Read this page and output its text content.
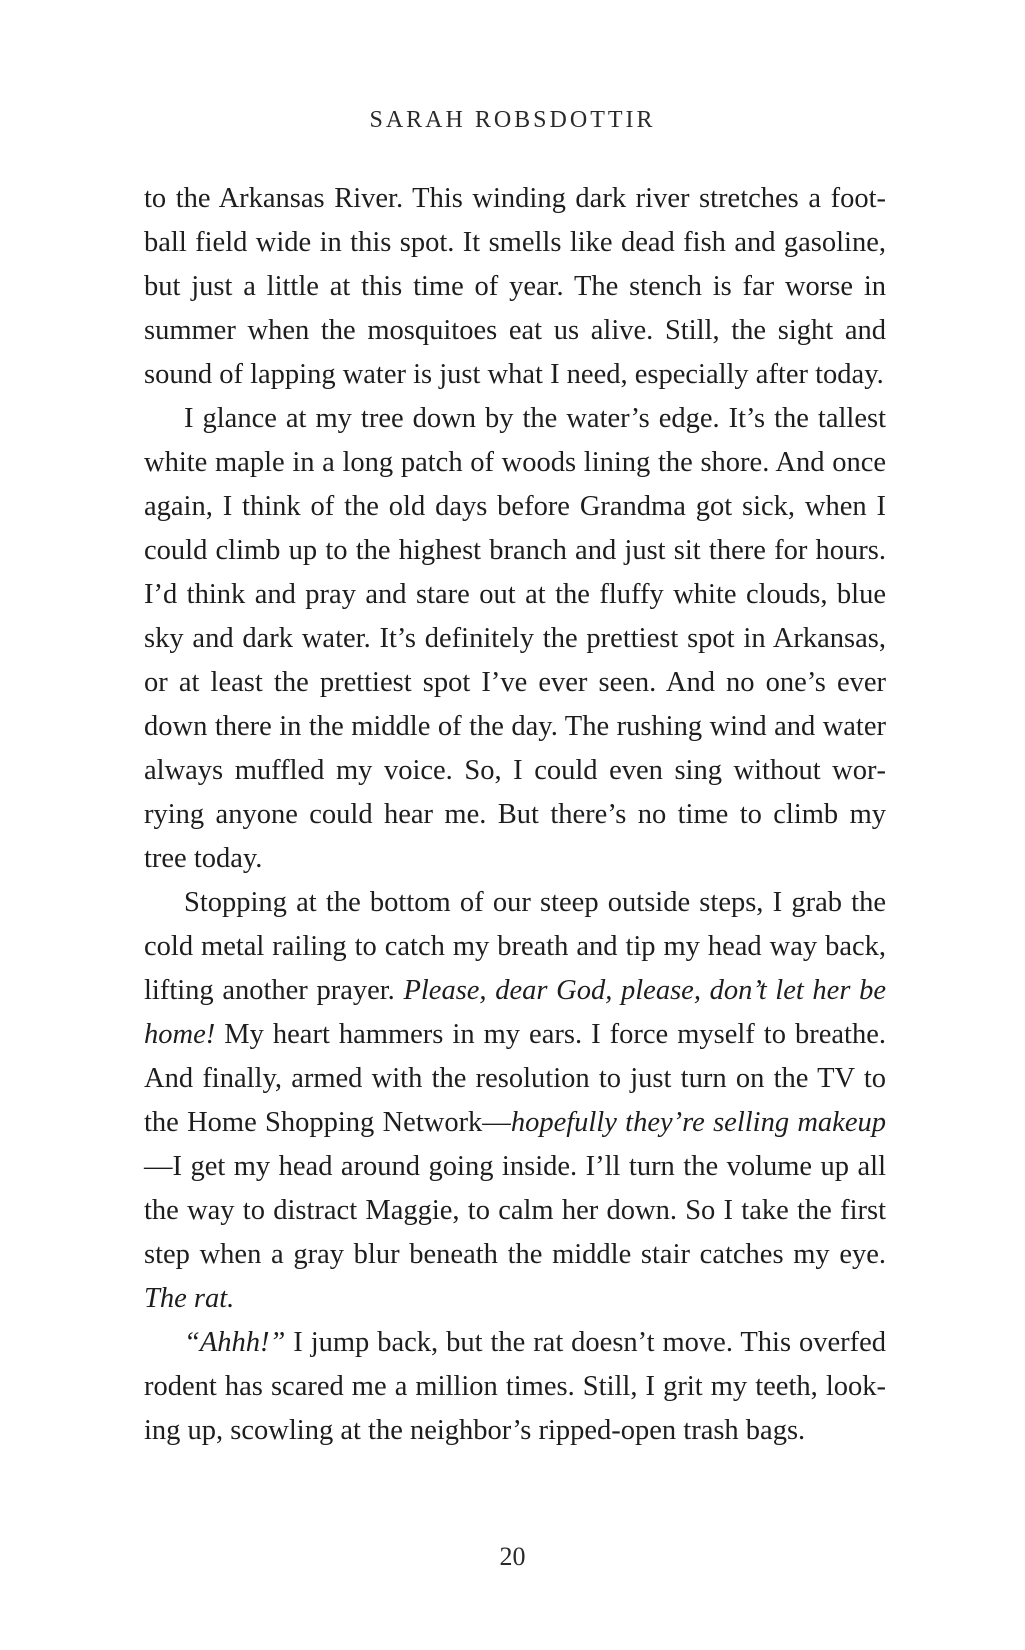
SARAH ROBSDOTTIR

to the Arkansas River. This winding dark river stretches a football field wide in this spot. It smells like dead fish and gasoline, but just a little at this time of year. The stench is far worse in summer when the mosquitoes eat us alive. Still, the sight and sound of lapping water is just what I need, especially after today.

I glance at my tree down by the water’s edge. It’s the tallest white maple in a long patch of woods lining the shore. And once again, I think of the old days before Grandma got sick, when I could climb up to the highest branch and just sit there for hours. I’d think and pray and stare out at the fluffy white clouds, blue sky and dark water. It’s definitely the prettiest spot in Arkansas, or at least the prettiest spot I’ve ever seen. And no one’s ever down there in the middle of the day. The rushing wind and water always muffled my voice. So, I could even sing without worrying anyone could hear me. But there’s no time to climb my tree today.

Stopping at the bottom of our steep outside steps, I grab the cold metal railing to catch my breath and tip my head way back, lifting another prayer. Please, dear God, please, don’t let her be home! My heart hammers in my ears. I force myself to breathe. And finally, armed with the resolution to just turn on the TV to the Home Shopping Network—hopefully they’re selling makeup—I get my head around going inside. I’ll turn the volume up all the way to distract Maggie, to calm her down. So I take the first step when a gray blur beneath the middle stair catches my eye. The rat.

“Ahhh!” I jump back, but the rat doesn’t move. This overfed rodent has scared me a million times. Still, I grit my teeth, looking up, scowling at the neighbor’s ripped-open trash bags.

20
